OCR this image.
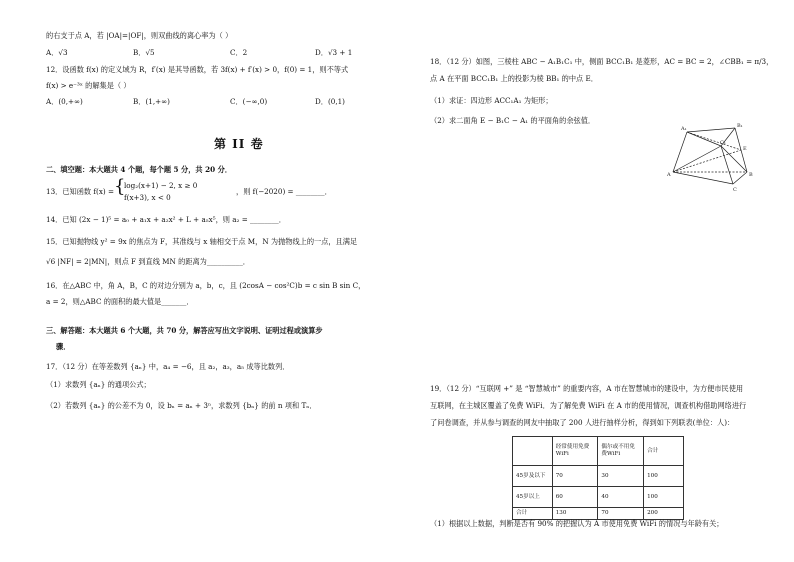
的右支于点 A，若 |OA|=|OF|，则双曲线的离心率为（ ）
A．√3	B．√5	C．2	D．√3 + 1
12．设函数 f(x) 的定义域为 R，f′(x) 是其导函数，若 3f(x) + f′(x) > 0，f(0) = 1，则不等式
f(x) > e⁻³ˣ 的解集是（ ）
A．(0,+∞)	B．(1,+∞)	C．(−∞,0)	D．(0,1)
第 II 卷
二、填空题：本大题共 4 个题，每个题 5 分，共 20 分．
13．已知函数 f(x) = {
log₂(x+1) − 2, x ≥ 0
f(x+3), x < 0
，则 f(−2020) = ________．
14．已知 (2x − 1)⁵ = a₀ + a₁x + a₂x² + L + a₅x⁵，则 a₂ = ________．
15．已知抛物线 y² = 9x 的焦点为 F，其准线与 x 轴相交于点 M，N 为抛物线上的一点，且满足
√6 |NF| = 2|MN|，则点 F 到直线 MN 的距离为__________．
16．在△ABC 中，角 A，B，C 的对边分别为 a，b，c，且 (2cosA − cos²C)b = c sin B sin C，
a = 2，则△ABC 的面积的最大值是_______．
三、解答题：本大题共 6 个大题，共 70 分，解答应写出文字说明、证明过程或演算步
骤．
17．（12 分）在等差数列 {aₙ} 中，a₄ = −6，且 a₂，a₃，a₅ 成等比数列．
（1）求数列 {aₙ} 的通项公式；
（2）若数列 {aₙ} 的公差不为 0，设 bₙ = aₙ + 3ⁿ，求数列 {bₙ} 的前 n 项和 Tₙ．
18．（12 分）如图，三棱柱 ABC − A₁B₁C₁ 中，侧面 BCC₁B₁ 是菱形，AC = BC = 2，∠CBB₁ = π/3，
点 A 在平面 BCC₁B₁ 上的投影为棱 BB₁ 的中点 E．
（1）求证：四边形 ACC₁A₁ 为矩形；
（2）求二面角 E − B₁C − A₁ 的平面角的余弦值．
A₁	B₁
C₁
A	B
C
E
19．（12 分）“互联网 +” 是 “智慧城市” 的重要内容，A 市在智慧城市的建设中，为方便市民使用
互联网，在主城区覆盖了免费 WiFi．为了解免费 WiFi 在 A 市的使用情况，调查机构借助网络进行
了问卷调查，并从参与调查的网友中抽取了 200 人进行抽样分析，得到如下列联表(单位：人)：
	经常使用免费WiFi	偶尔或不用免费WiFi	合计
45岁及以下	70	30	100
45岁以上	60	40	100
合计	130	70	200
（1）根据以上数据，判断是否有 90% 的把握认为 A 市使用免费 WiFi 的情况与年龄有关；
